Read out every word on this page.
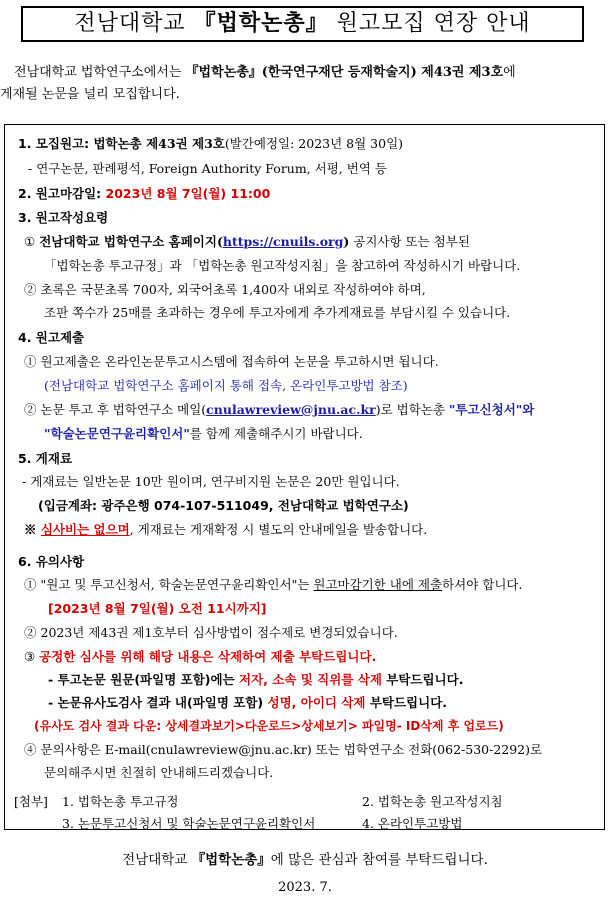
전남대학교 『법학논총』 원고모집 연장 안내
전남대학교 법학연구소에서는 『법학논총』(한국연구재단 등재학술지) 제43권 제3호에
게재될 논문을 널리 모집합니다.
1. 모집원고: 법학논총 제43권 제3호(발간예정일: 2023년 8월 30일)
- 연구논문, 판례평석, Foreign Authority Forum, 서평, 번역 등
2. 원고마감일: 2023년 8월 7일(월) 11:00
3. 원고작성요령
① 전남대학교 법학연구소 홈페이지(https://cnuils.org) 공지사항 또는 첨부된
「법학논총 투고규정」과 「법학논총 원고작성지침」을 참고하여 작성하시기 바랍니다.
② 초록은 국문초록 700자, 외국어초록 1,400자 내외로 작성하여야 하며,
조판 쪽수가 25매를 초과하는 경우에 투고자에게 추가게재료를 부담시킬 수 있습니다.
4. 원고제출
① 원고제출은 온라인논문투고시스템에 접속하여 논문을 투고하시면 됩니다.
(전남대학교 법학연구소 홈페이지 통해 접속, 온라인투고방법 참조)
② 논문 투고 후 법학연구소 메일(cnulawreview@jnu.ac.kr)로 법학논총 "투고신청서"와
"학술논문연구윤리확인서"를 함께 제출해주시기 바랍니다.
5. 게재료
- 게재료는 일반논문 10만 원이며, 연구비지원 논문은 20만 원입니다.
(입금계좌: 광주은행 074-107-511049, 전남대학교 법학연구소)
※ 심사비는 없으며, 게재료는 게재확정 시 별도의 안내메일을 발송합니다.
6. 유의사항
① "원고 및 투고신청서, 학술논문연구윤리확인서"는 원고마감기한 내에 제출하셔야 합니다.
[2023년 8월 7일(월) 오전 11시까지]
② 2023년 제43권 제1호부터 심사방법이 점수제로 변경되었습니다.
③ 공정한 심사를 위해 해당 내용은 삭제하여 제출 부탁드립니다.
- 투고논문 원문(파일명 포함)에는 저자, 소속 및 직위를 삭제 부탁드립니다.
- 논문유사도검사 결과 내(파일명 포함) 성명, 아이디 삭제 부탁드립니다.
(유사도 검사 결과 다운: 상세결과보기>다운로드>상세보기> 파일명- ID삭제 후 업로드)
④ 문의사항은 E-mail(cnulawreview@jnu.ac.kr) 또는 법학연구소 전화(062-530-2292)로
문의해주시면 친절히 안내해드리겠습니다.
[첨부] 1. 법학논총 투고규정	2. 법학논총 원고작성지침
3. 논문투고신청서 및 학술논문연구윤리확인서	4. 온라인투고방법
전남대학교 『법학논총』에 많은 관심과 참여를 부탁드립니다.
2023. 7.
